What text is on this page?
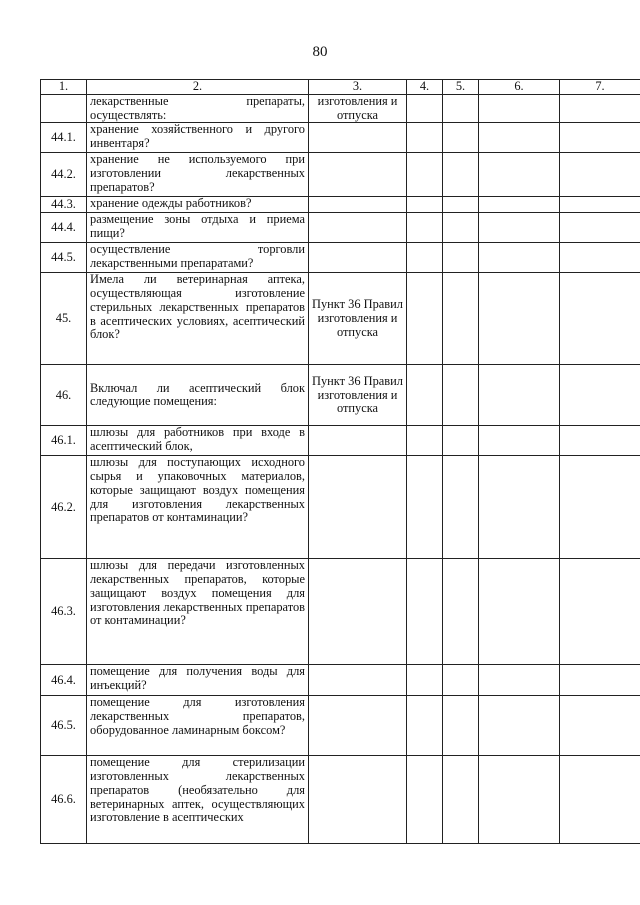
80
1.	2.	3.	4.	5.	6.	7.
	лекарственные препараты, осуществлять:	изготовления и отпуска				
44.1.	хранение хозяйственного и другого инвентаря?					
44.2.	хранение не используемого при изготовлении лекарственных препаратов?					
44.3.	хранение одежды работников?					
44.4.	размещение зоны отдыха и приема пищи?					
44.5.	осуществление торговли лекарственными препаратами?					
45.	Имела ли ветеринарная аптека, осуществляющая изготовление стерильных лекарственных препаратов в асептических условиях, асептический блок?	Пункт 36 Правил изготовления и отпуска				
46.	Включал ли асептический блок следующие помещения:	Пункт 36 Правил изготовления и отпуска				
46.1.	шлюзы для работников при входе в асептический блок,					
46.2.	шлюзы для поступающих исходного сырья и упаковочных материалов, которые защищают воздух помещения для изготовления лекарственных препаратов от контаминации?					
46.3.	шлюзы для передачи изготовленных лекарственных препаратов, которые защищают воздух помещения для изготовления лекарственных препаратов от контаминации?					
46.4.	помещение для получения воды для инъекций?					
46.5.	помещение для изготовления лекарственных препаратов, оборудованное ламинарным боксом?					
46.6.	помещение для стерилизации изготовленных лекарственных препаратов (необязательно для ветеринарных аптек, осуществляющих изготовление в асептических					
